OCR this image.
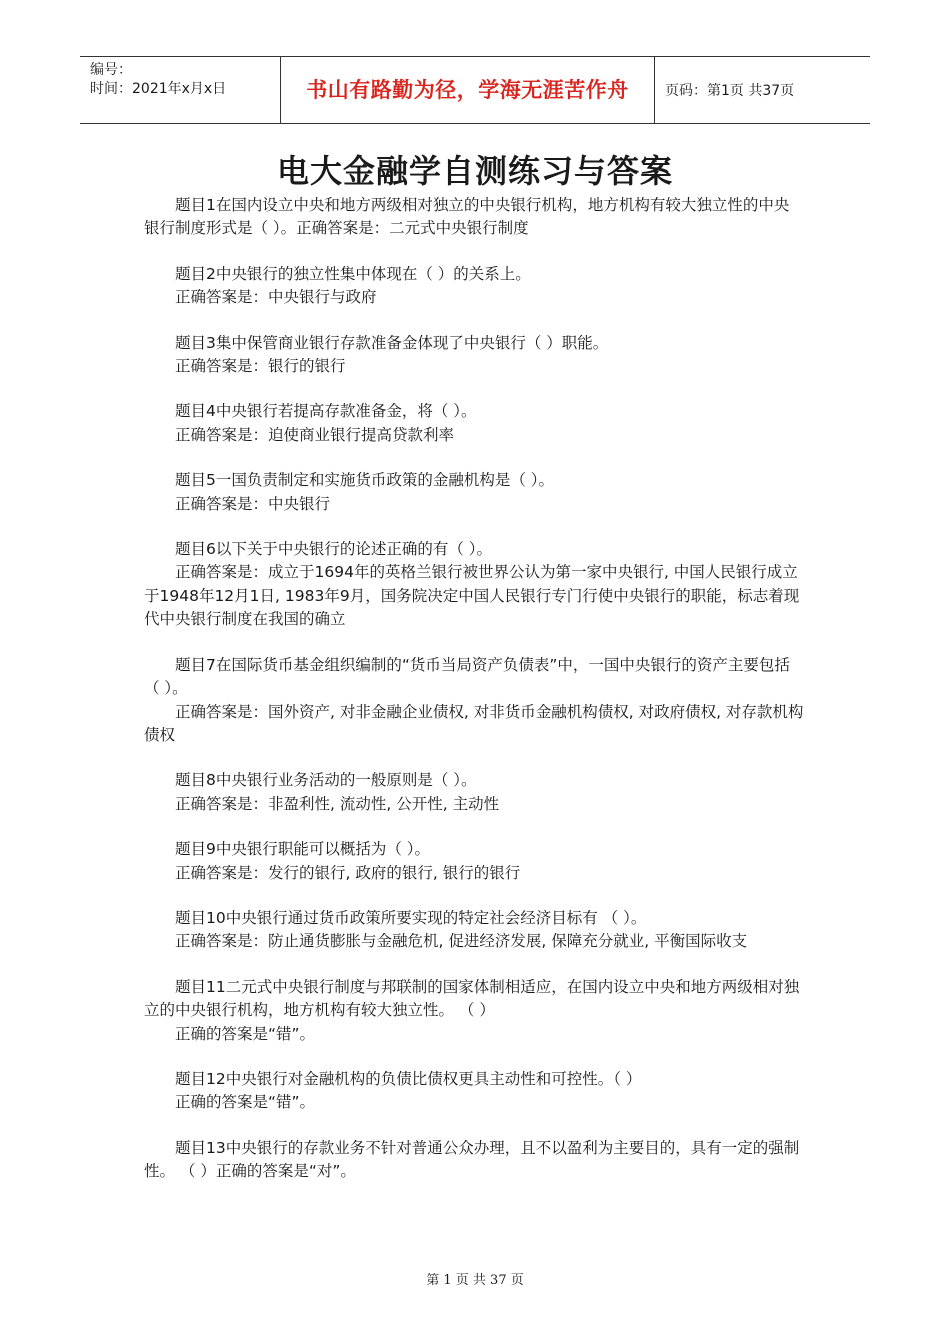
编号：
时间：2021年x月x日	书山有路勤为径，学海无涯苦作舟	页码：第1页 共37页
电大金融学自测练习与答案
题目1在国内设立中央和地方两级相对独立的中央银行机构，地方机构有较大独立性的中央银行制度形式是（ ）。正确答案是：二元式中央银行制度
题目2中央银行的独立性集中体现在（ ）的关系上。
正确答案是：中央银行与政府
题目3集中保管商业银行存款准备金体现了中央银行（ ）职能。
正确答案是：银行的银行
题目4中央银行若提高存款准备金，将（ ）。
正确答案是：迫使商业银行提高贷款利率
题目5一国负责制定和实施货币政策的金融机构是（ ）。
正确答案是：中央银行
题目6以下关于中央银行的论述正确的有（ ）。
正确答案是：成立于1694年的英格兰银行被世界公认为第一家中央银行, 中国人民银行成立于1948年12月1日, 1983年9月，国务院决定中国人民银行专门行使中央银行的职能，标志着现代中央银行制度在我国的确立
题目7在国际货币基金组织编制的“货币当局资产负债表”中，一国中央银行的资产主要包括（ ）。
正确答案是：国外资产, 对非金融企业债权, 对非货币金融机构债权, 对政府债权, 对存款机构债权
题目8中央银行业务活动的一般原则是（ ）。
正确答案是：非盈利性, 流动性, 公开性, 主动性
题目9中央银行职能可以概括为（ ）。
正确答案是：发行的银行, 政府的银行, 银行的银行
题目10中央银行通过货币政策所要实现的特定社会经济目标有 （ ）。
正确答案是：防止通货膨胀与金融危机, 促进经济发展, 保障充分就业, 平衡国际收支
题目11二元式中央银行制度与邦联制的国家体制相适应，在国内设立中央和地方两级相对独立的中央银行机构，地方机构有较大独立性。 （ ）
正确的答案是“错”。
题目12中央银行对金融机构的负债比债权更具主动性和可控性。（ ）
正确的答案是“错”。
题目13中央银行的存款业务不针对普通公众办理，且不以盈利为主要目的，具有一定的强制性。 （ ）正确的答案是“对”。
第 1 页 共 37 页
